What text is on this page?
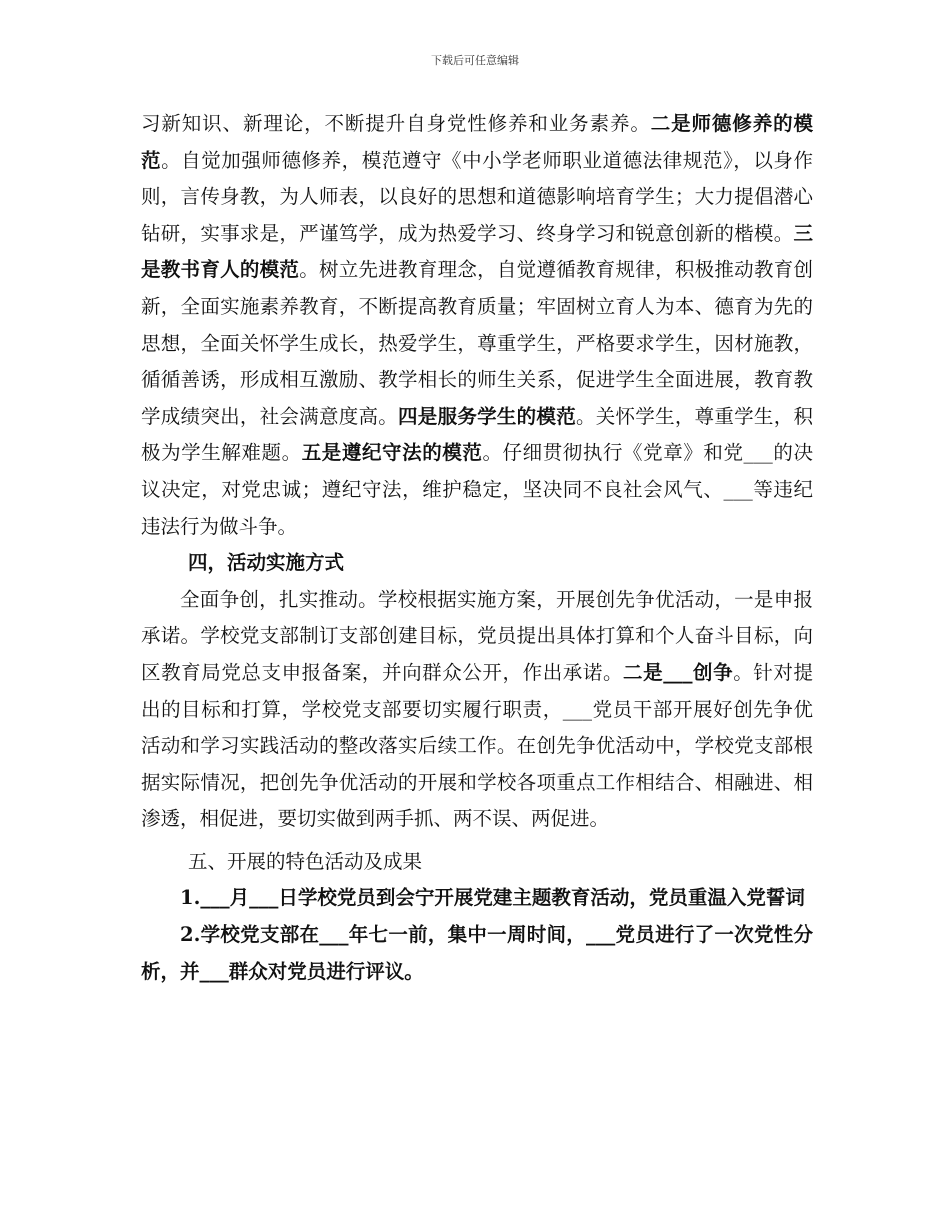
下载后可任意编辑

习新知识、新理论，不断提升自身党性修养和业务素养。二是师德修养的模范。自觉加强师德修养，模范遵守《中小学老师职业道德法律规范》，以身作则，言传身教，为人师表，以良好的思想和道德影响培育学生；大力提倡潜心钻研，实事求是，严谨笃学，成为热爱学习、终身学习和锐意创新的楷模。三是教书育人的模范。树立先进教育理念，自觉遵循教育规律，积极推动教育创新，全面实施素养教育，不断提高教育质量；牢固树立育人为本、德育为先的思想，全面关怀学生成长，热爱学生，尊重学生，严格要求学生，因材施教，循循善诱，形成相互激励、教学相长的师生关系，促进学生全面进展，教育教学成绩突出，社会满意度高。四是服务学生的模范。关怀学生，尊重学生，积极为学生解难题。五是遵纪守法的模范。仔细贯彻执行《党章》和党___的决议决定，对党忠诚；遵纪守法，维护稳定，坚决同不良社会风气、___等违纪违法行为做斗争。

四，活动实施方式

全面争创，扎实推动。学校根据实施方案，开展创先争优活动，一是申报承诺。学校党支部制订支部创建目标，党员提出具体打算和个人奋斗目标，向区教育局党总支申报备案，并向群众公开，作出承诺。二是___创争。针对提出的目标和打算，学校党支部要切实履行职责，___党员干部开展好创先争优活动和学习实践活动的整改落实后续工作。在创先争优活动中，学校党支部根据实际情况，把创先争优活动的开展和学校各项重点工作相结合、相融进、相渗透，相促进，要切实做到两手抓、两不误、两促进。

五、开展的特色活动及成果

1.___月___日学校党员到会宁开展党建主题教育活动，党员重温入党誓词

2.学校党支部在___年七一前，集中一周时间，___党员进行了一次党性分析，并___群众对党员进行评议。
